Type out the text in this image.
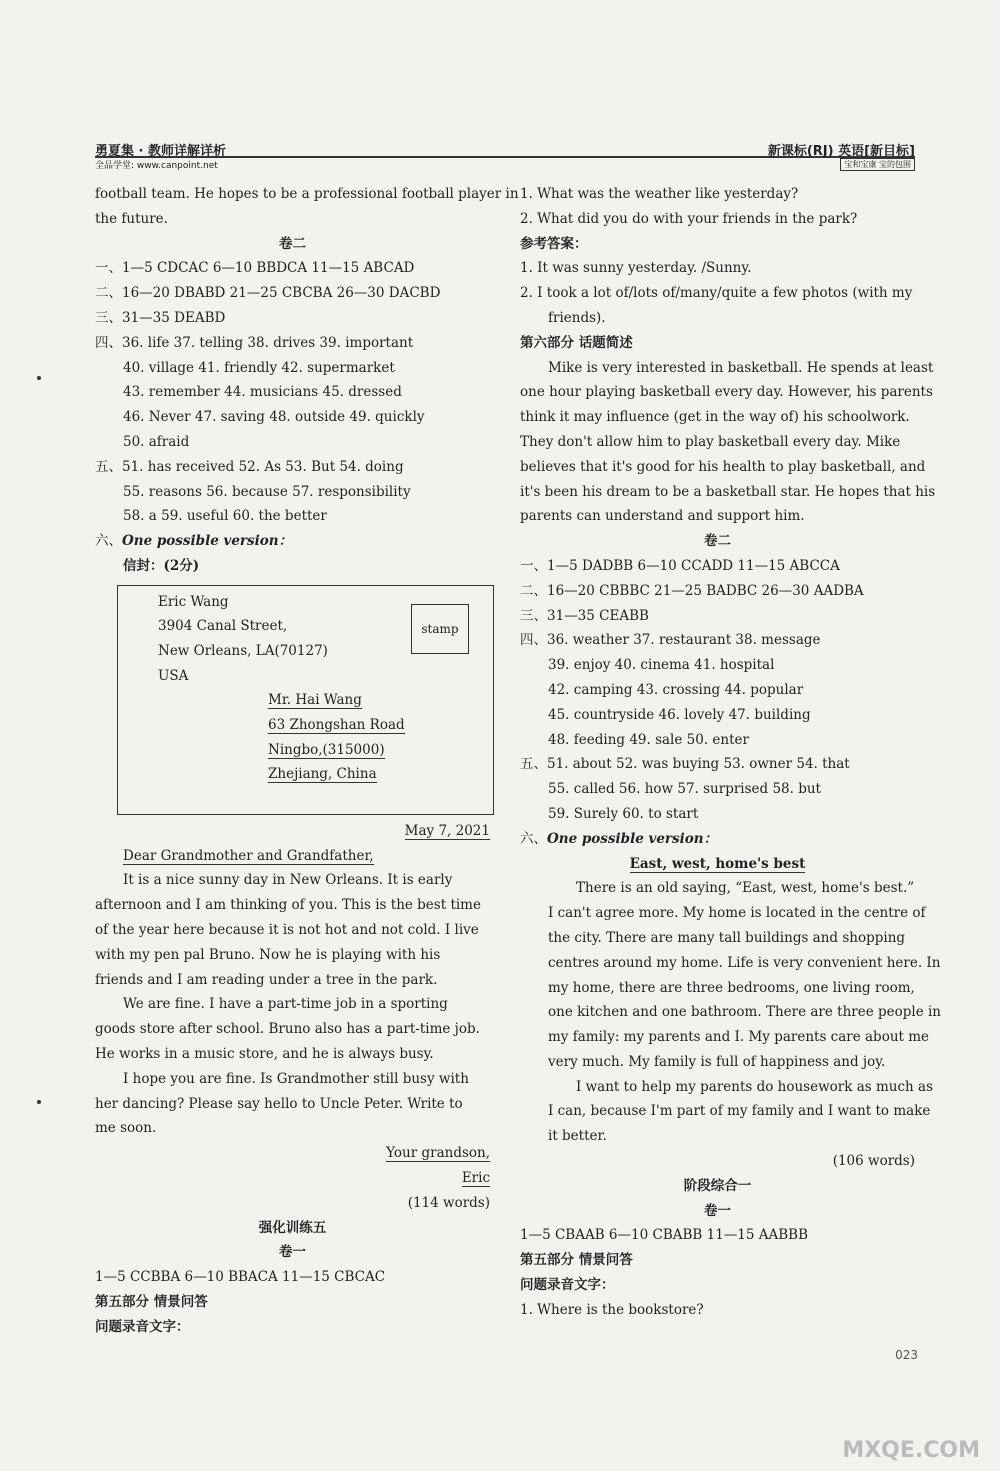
勇夏集 · 教师详解详析	新课标(RJ) 英语[新目标]
全品学堂: www.canpoint.net	宝和宝康 宝的包围
football team. He hopes to be a professional football player in
the future.
卷二
一、1—5 CDCAC 6—10 BBDCA 11—15 ABCAD
二、16—20 DBABD 21—25 CBCBA 26—30 DACBD
三、31—35 DEABD
四、36. life 37. telling 38. drives 39. important
40. village 41. friendly 42. supermarket
43. remember 44. musicians 45. dressed
46. Never 47. saving 48. outside 49. quickly
50. afraid
五、51. has received 52. As 53. But 54. doing
55. reasons 56. because 57. responsibility
58. a 59. useful 60. the better
六、One possible version：
信封：(2分)
stamp
Eric Wang
3904 Canal Street,
New Orleans, LA(70127)
USA
Mr. Hai Wang
63 Zhongshan Road
Ningbo,(315000)
Zhejiang, China
May 7, 2021
Dear Grandmother and Grandfather,
It is a nice sunny day in New Orleans. It is early
afternoon and I am thinking of you. This is the best time
of the year here because it is not hot and not cold. I live
with my pen pal Bruno. Now he is playing with his
friends and I am reading under a tree in the park.
We are fine. I have a part-time job in a sporting
goods store after school. Bruno also has a part-time job.
He works in a music store, and he is always busy.
I hope you are fine. Is Grandmother still busy with
her dancing? Please say hello to Uncle Peter. Write to
me soon.
Your grandson,
Eric
(114 words)
强化训练五
卷一
1—5 CCBBA 6—10 BBACA 11—15 CBCAC
第五部分 情景问答
问题录音文字：
1. What was the weather like yesterday?
2. What did you do with your friends in the park?
参考答案：
1. It was sunny yesterday. /Sunny.
2. I took a lot of/lots of/many/quite a few photos (with my
friends).
第六部分 话题简述
Mike is very interested in basketball. He spends at least
one hour playing basketball every day. However, his parents
think it may influence (get in the way of) his schoolwork.
They don't allow him to play basketball every day. Mike
believes that it's good for his health to play basketball, and
it's been his dream to be a basketball star. He hopes that his
parents can understand and support him.
卷二
一、1—5 DADBB 6—10 CCADD 11—15 ABCCA
二、16—20 CBBBC 21—25 BADBC 26—30 AADBA
三、31—35 CEABB
四、36. weather 37. restaurant 38. message
39. enjoy 40. cinema 41. hospital
42. camping 43. crossing 44. popular
45. countryside 46. lovely 47. building
48. feeding 49. sale 50. enter
五、51. about 52. was buying 53. owner 54. that
55. called 56. how 57. surprised 58. but
59. Surely 60. to start
六、One possible version：
East, west, home's best
There is an old saying, “East, west, home's best.”
I can't agree more. My home is located in the centre of
the city. There are many tall buildings and shopping
centres around my home. Life is very convenient here. In
my home, there are three bedrooms, one living room,
one kitchen and one bathroom. There are three people in
my family: my parents and I. My parents care about me
very much. My family is full of happiness and joy.
I want to help my parents do housework as much as
I can, because I'm part of my family and I want to make
it better.
(106 words)
阶段综合一
卷一
1—5 CBAAB 6—10 CBABB 11—15 AABBB
第五部分 情景问答
问题录音文字：
1. Where is the bookstore?
023
MXQE.COM
